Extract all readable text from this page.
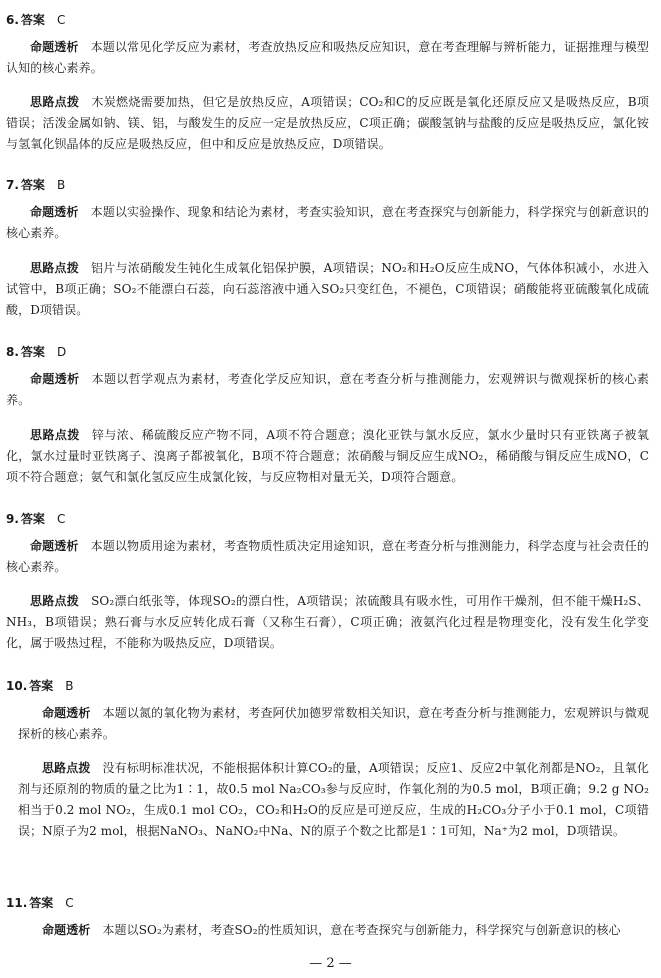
6. 答案 C

命题透析 本题以常见化学反应为素材，考查放热反应和吸热反应知识，意在考查理解与辨析能力，证据推理与模型认知的核心素养。

思路点拨 木炭燃烧需要加热，但它是放热反应，A项错误；CO₂和C的反应既是氧化还原反应又是吸热反应，B项错误；活泼金属如钠、镁、铝，与酸发生的反应一定是放热反应，C项正确；碳酸氢钠与盐酸的反应是吸热反应，氯化铵与氢氧化钡晶体的反应是吸热反应，但中和反应是放热反应，D项错误。

7. 答案 B

命题透析 本题以实验操作、现象和结论为素材，考查实验知识，意在考查探究与创新能力，科学探究与创新意识的核心素养。

思路点拨 铝片与浓硝酸发生钝化生成氧化铝保护膜，A项错误；NO₂和H₂O反应生成NO，气体体积减小，水进入试管中，B项正确；SO₂不能漂白石蕊，向石蕊溶液中通入SO₂只变红色，不褪色，C项错误；硝酸能将亚硫酸氧化成硫酸，D项错误。

8. 答案 D

命题透析 本题以哲学观点为素材，考查化学反应知识，意在考查分析与推测能力，宏观辨识与微观探析的核心素养。

思路点拨 锌与浓、稀硫酸反应产物不同，A项不符合题意；溴化亚铁与氯水反应，氯水少量时只有亚铁离子被氧化，氯水过量时亚铁离子、溴离子都被氧化，B项不符合题意；浓硝酸与铜反应生成NO₂，稀硝酸与铜反应生成NO，C项不符合题意；氨气和氯化氢反应生成氯化铵，与反应物相对量无关，D项符合题意。

9. 答案 C

命题透析 本题以物质用途为素材，考查物质性质决定用途知识，意在考查分析与推测能力，科学态度与社会责任的核心素养。

思路点拨 SO₂漂白纸张等，体现SO₂的漂白性，A项错误；浓硫酸具有吸水性，可用作干燥剂，但不能干燥H₂S、NH₃，B项错误；熟石膏与水反应转化成石膏（又称生石膏），C项正确；液氨汽化过程是物理变化，没有发生化学变化，属于吸热过程，不能称为吸热反应，D项错误。

10. 答案 B

命题透析 本题以氮的氧化物为素材，考查阿伏加德罗常数相关知识，意在考查分析与推测能力，宏观辨识与微观探析的核心素养。

思路点拨 没有标明标准状况，不能根据体积计算CO₂的量，A项错误；反应1、反应2中氧化剂都是NO₂，且氧化剂与还原剂的物质的量之比为1∶1，故0.5 mol Na₂CO₃参与反应时，作氧化剂的为0.5 mol，B项正确；9.2 g NO₂相当于0.2 mol NO₂，生成0.1 mol CO₂，CO₂和H₂O的反应是可逆反应，生成的H₂CO₃分子小于0.1 mol，C项错误；N原子为2 mol，根据NaNO₃、NaNO₂中Na、N的原子个数之比都是1∶1可知，Na⁺为2 mol，D项错误。

11. 答案 C

命题透析 本题以SO₂为素材，考查SO₂的性质知识，意在考查探究与创新能力，科学探究与创新意识的核心

— 2 —
